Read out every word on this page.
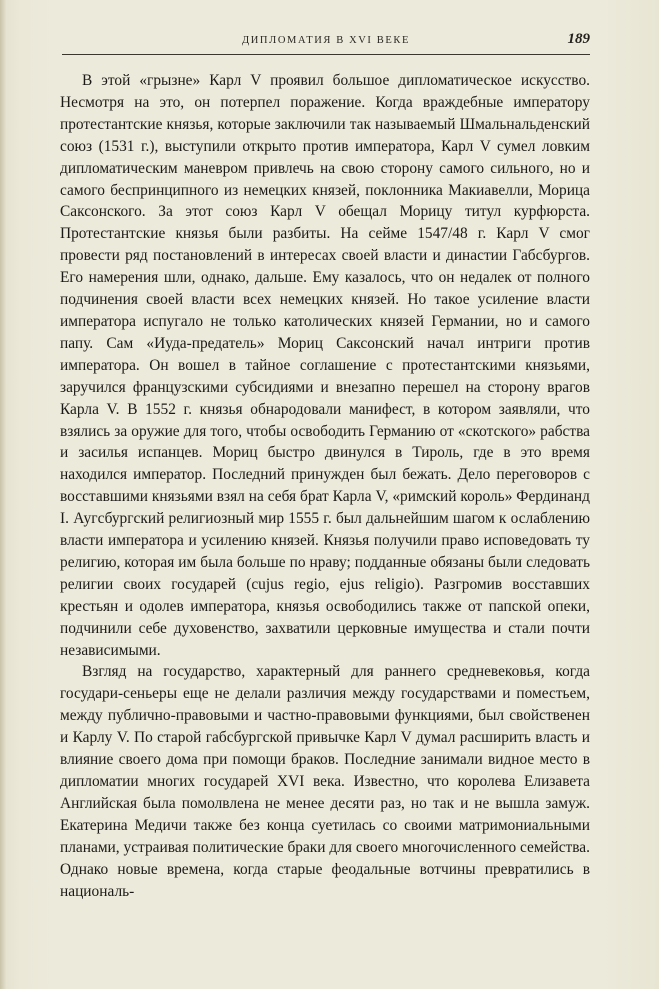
ДИПЛОМАТИЯ В XVI ВЕКЕ	189

В этой «грызне» Карл V проявил большое дипломатическое искусство. Несмотря на это, он потерпел поражение. Когда враждебные императору протестантские князья, которые заключили так называемый Шмальнальденский союз (1531 г.), выступили открыто против императора, Карл V сумел ловким дипломатическим маневром привлечь на свою сторону самого сильного, но и самого беспринципного из немецких князей, поклонника Макиавелли, Морица Саксонского. За этот союз Карл V обещал Морицу титул курфюрста. Протестантские князья были разбиты. На сейме 1547/48 г. Карл V смог провести ряд постановлений в интересах своей власти и династии Габсбургов. Его намерения шли, однако, дальше. Ему казалось, что он недалек от полного подчинения своей власти всех немецких князей. Но такое усиление власти императора испугало не только католических князей Германии, но и самого папу. Сам «Иуда-предатель» Мориц Саксонский начал интриги против императора. Он вошел в тайное соглашение с протестантскими князьями, заручился французскими субсидиями и внезапно перешел на сторону врагов Карла V. В 1552 г. князья обнародовали манифест, в котором заявляли, что взялись за оружие для того, чтобы освободить Германию от «скотского» рабства и засилья испанцев. Мориц быстро двинулся в Тироль, где в это время находился император. Последний принужден был бежать. Дело переговоров с восставшими князьями взял на себя брат Карла V, «римский король» Фердинанд I. Аугсбургский религиозный мир 1555 г. был дальнейшим шагом к ослаблению власти императора и усилению князей. Князья получили право исповедовать ту религию, которая им была больше по нраву; подданные обязаны были следовать религии своих государей (cujus regio, ejus religio). Разгромив восставших крестьян и одолев императора, князья освободились также от папской опеки, подчинили себе духовенство, захватили церковные имущества и стали почти независимыми.

Взгляд на государство, характерный для раннего средневековья, когда государи-сеньеры еще не делали различия между государствами и поместьем, между публично-правовыми и частно-правовыми функциями, был свойственен и Карлу V. По старой габсбургской привычке Карл V думал расширить власть и влияние своего дома при помощи браков. Последние занимали видное место в дипломатии многих государей XVI века. Известно, что королева Елизавета Английская была помолвлена не менее десяти раз, но так и не вышла замуж. Екатерина Медичи также без конца суетилась со своими матримониальными планами, устраивая политические браки для своего многочисленного семейства. Однако новые времена, когда старые феодальные вотчины превратились в националь-
